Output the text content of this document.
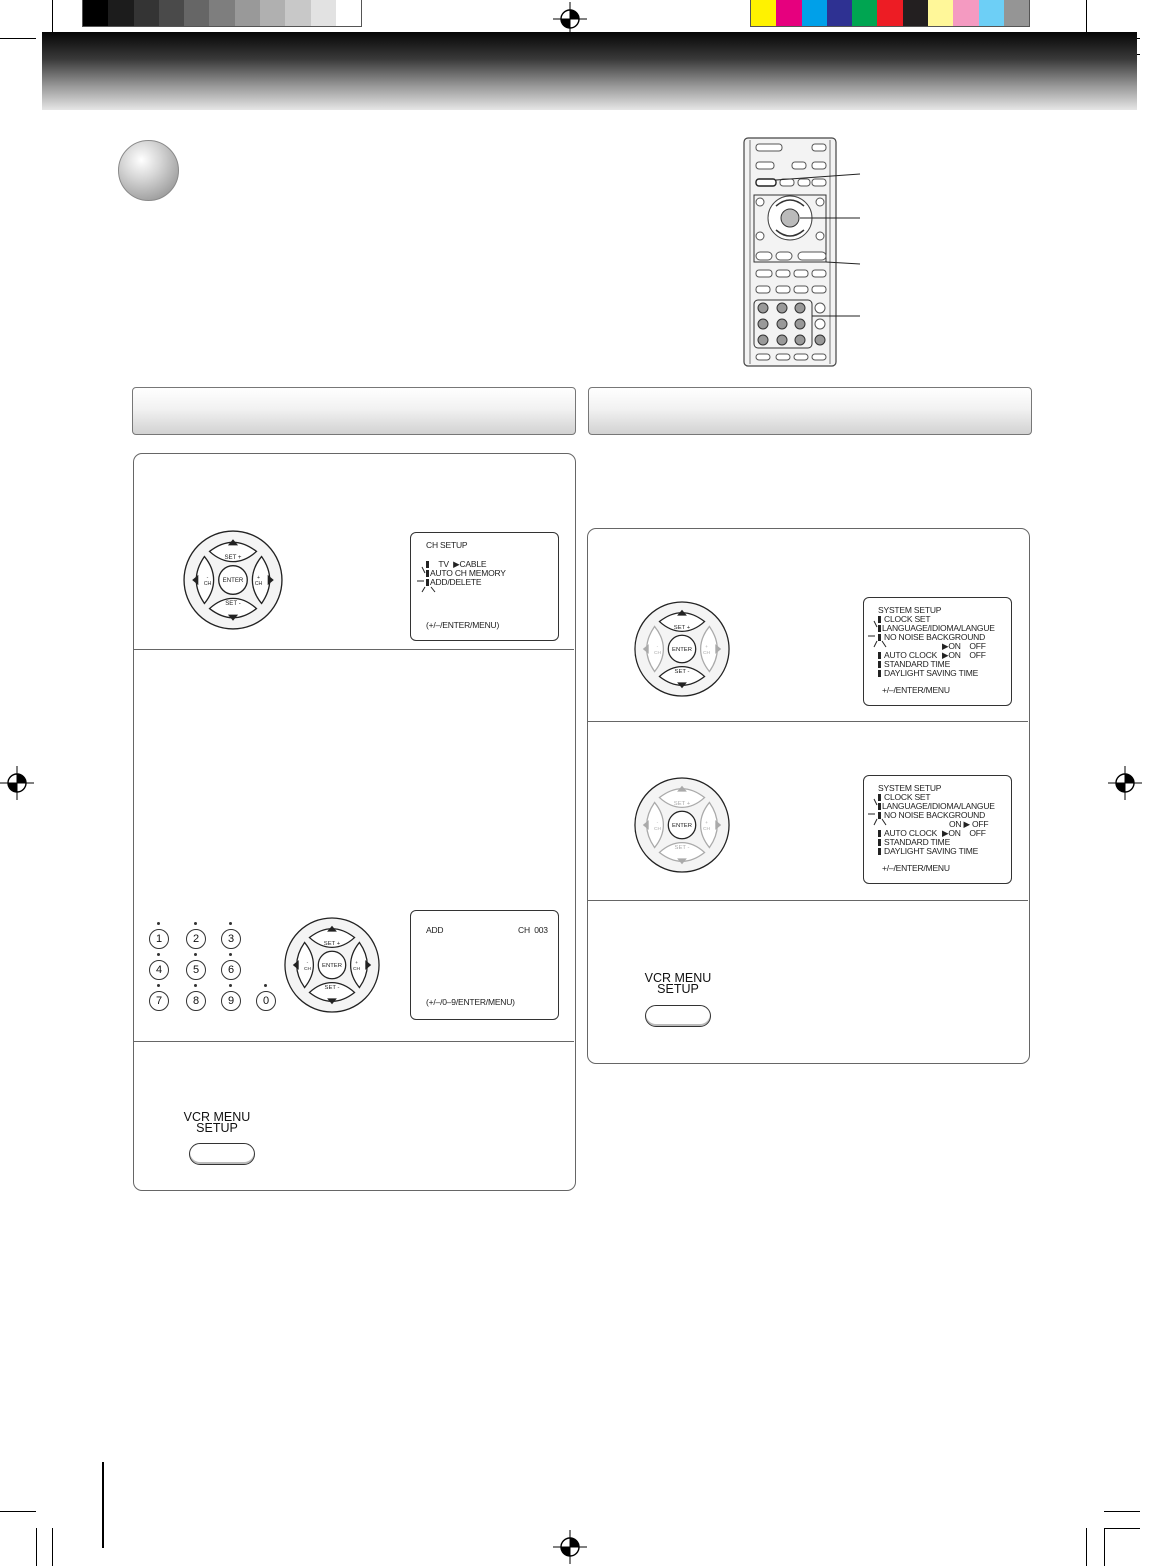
SET +
SET -
ENTER
-
CH
+
CH
CH SETUP
TV ▶CABLE
AUTO CH MEMORY
ADD/DELETE
(+/–/ENTER/MENU)
1	2	3
4	5	6
7	8	9	0
SET +
SET -
ENTER
-
CH
+
CH
ADD	CH  003
(+/–/0–9/ENTER/MENU)
VCR MENU
SETUP
SET +
SET -
ENTER
-
CH
+
CH
SET +
SET -
ENTER
-
CH
+
CH
SYSTEM SETUP
CLOCK SET
LANGUAGE/IDIOMA/LANGUE
NO NOISE BACKGROUND
▶ON    OFF
AUTO CLOCK ▶ON    OFF
STANDARD TIME
DAYLIGHT SAVING TIME
+/–/ENTER/MENU
SYSTEM SETUP
CLOCK SET
LANGUAGE/IDIOMA/LANGUE
NO NOISE BACKGROUND
ON ▶ OFF
AUTO CLOCK ▶ON    OFF
STANDARD TIME
DAYLIGHT SAVING TIME
+/–/ENTER/MENU
VCR MENU
SETUP
